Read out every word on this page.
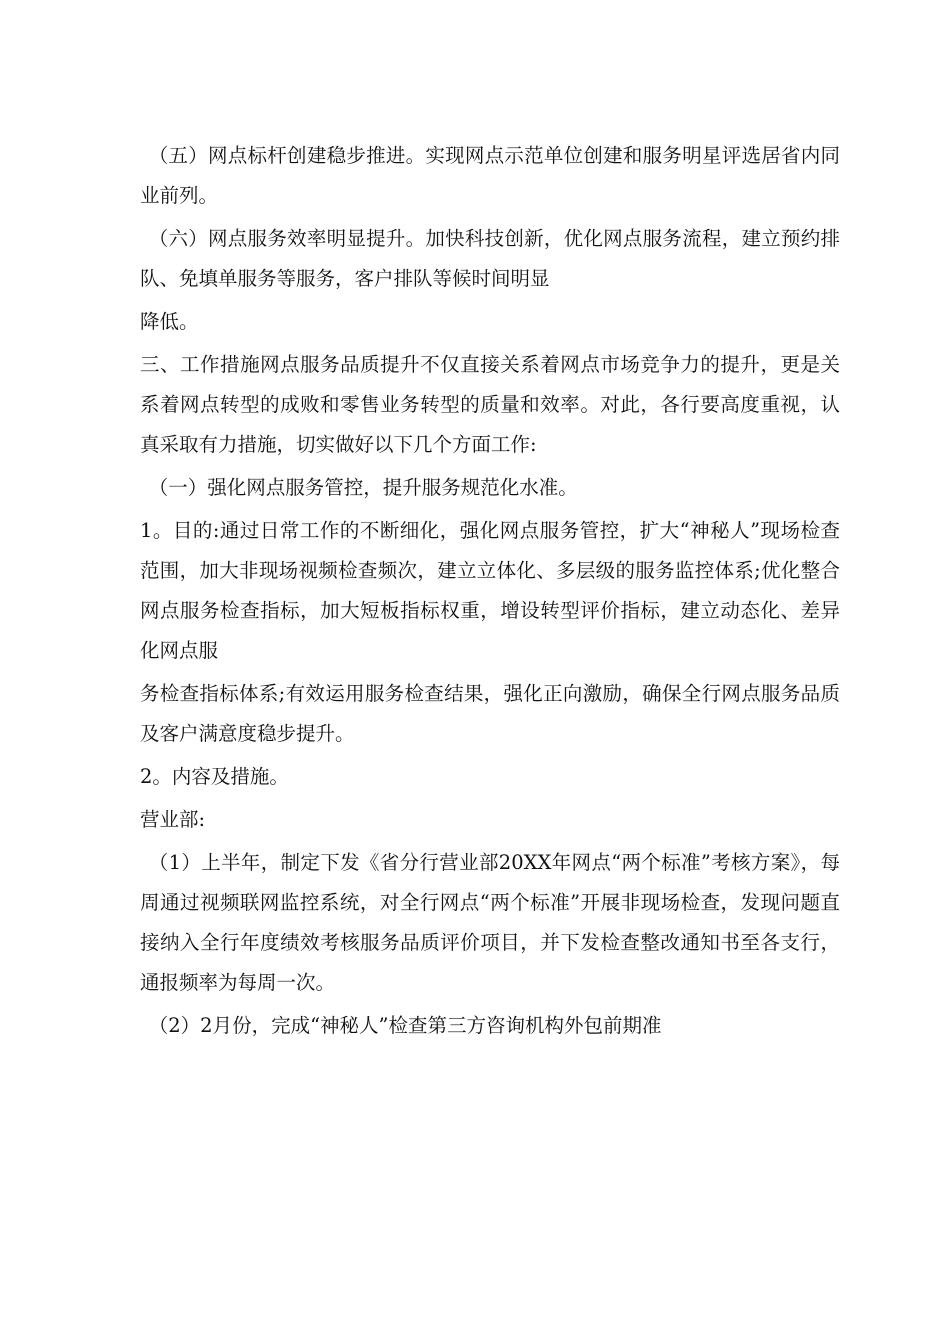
（五）网点标杆创建稳步推进。实现网点示范单位创建和服务明星评选居省内同业前列。

（六）网点服务效率明显提升。加快科技创新，优化网点服务流程，建立预约排队、免填单服务等服务，客户排队等候时间明显

降低。

三、工作措施网点服务品质提升不仅直接关系着网点市场竞争力的提升，更是关系着网点转型的成败和零售业务转型的质量和效率。对此，各行要高度重视，认真采取有力措施，切实做好以下几个方面工作:

（一）强化网点服务管控，提升服务规范化水准。

1。目的:通过日常工作的不断细化，强化网点服务管控，扩大“神秘人”现场检查范围，加大非现场视频检查频次，建立立体化、多层级的服务监控体系;优化整合网点服务检查指标，加大短板指标权重，增设转型评价指标，建立动态化、差异化网点服

务检查指标体系;有效运用服务检查结果，强化正向激励，确保全行网点服务品质及客户满意度稳步提升。

2。内容及措施。

营业部:

（1）上半年，制定下发《省分行营业部20XX年网点“两个标准”考核方案》，每周通过视频联网监控系统，对全行网点“两个标准”开展非现场检查，发现问题直接纳入全行年度绩效考核服务品质评价项目，并下发检查整改通知书至各支行，通报频率为每周一次。

（2）2月份，完成“神秘人”检查第三方咨询机构外包前期准
